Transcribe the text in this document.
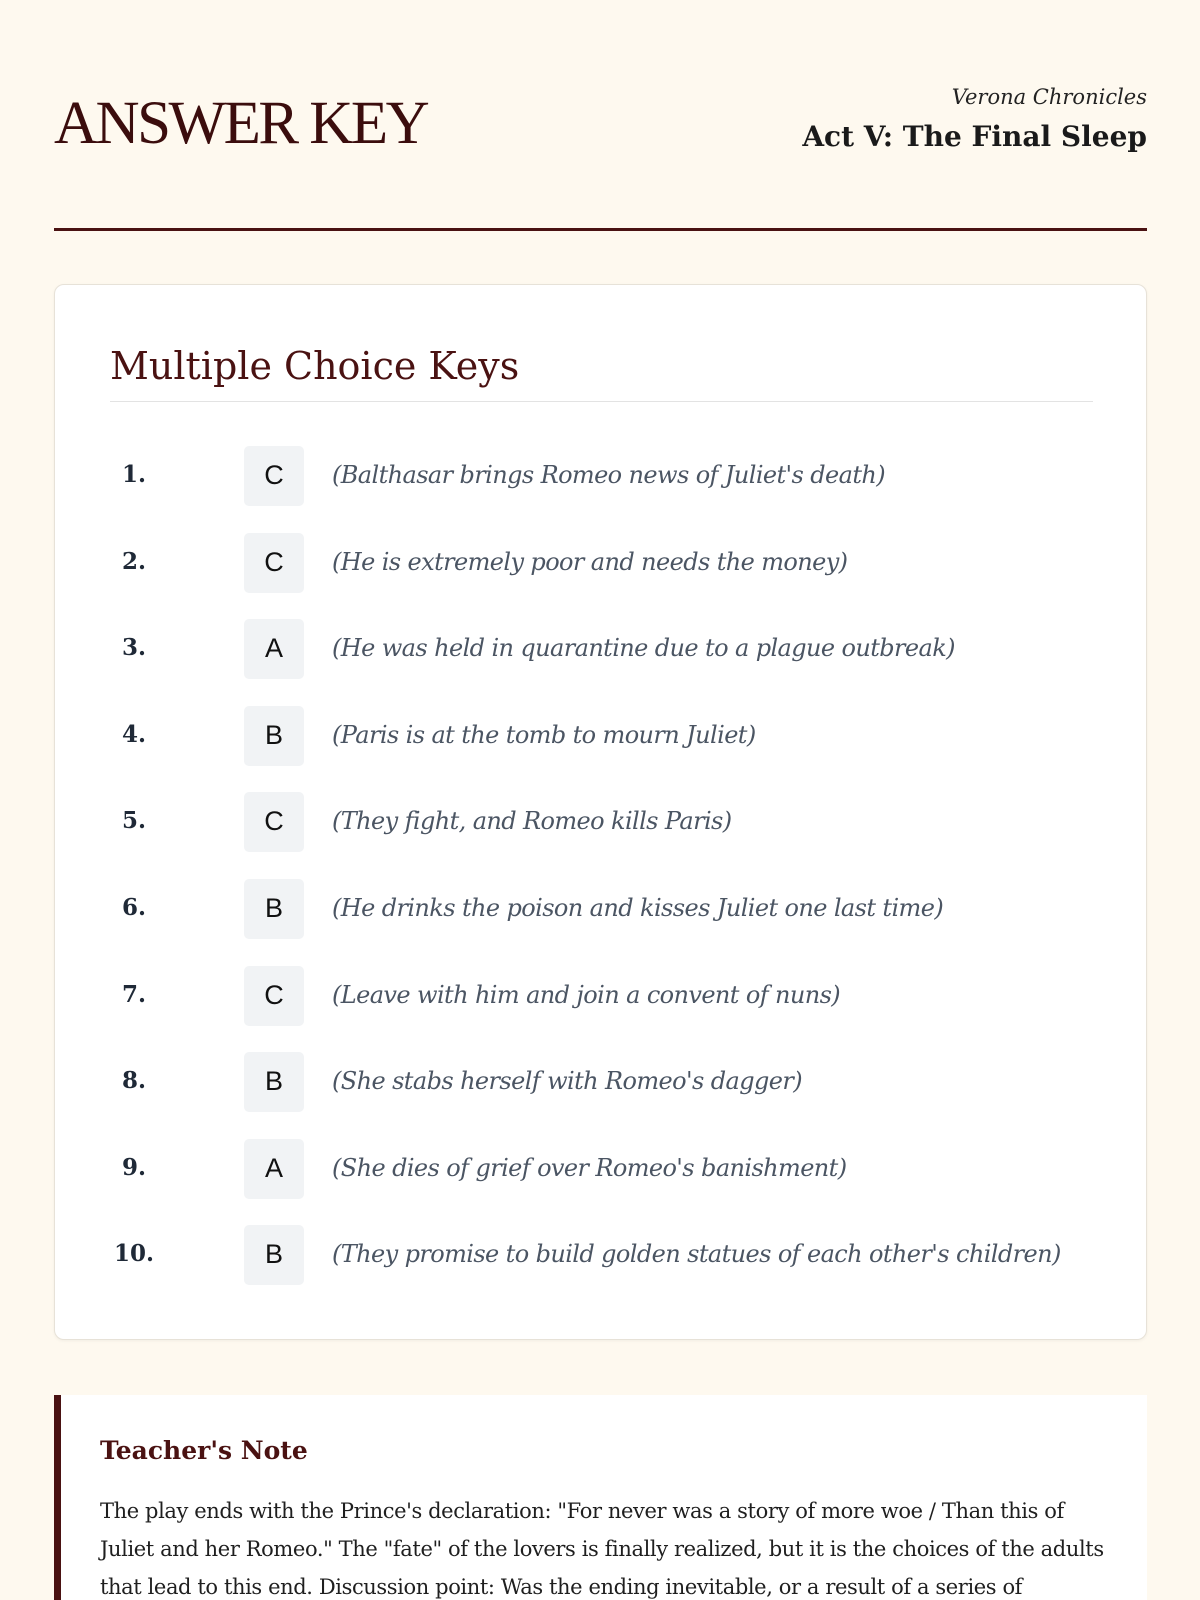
ANSWER KEY	Verona Chronicles
Act V: The Final Sleep
Multiple Choice Keys
1.	C	(Balthasar brings Romeo news of Juliet's death)
2.	C	(He is extremely poor and needs the money)
3.	A	(He was held in quarantine due to a plague outbreak)
4.	B	(Paris is at the tomb to mourn Juliet)
5.	C	(They fight, and Romeo kills Paris)
6.	B	(He drinks the poison and kisses Juliet one last time)
7.	C	(Leave with him and join a convent of nuns)
8.	B	(She stabs herself with Romeo's dagger)
9.	A	(She dies of grief over Romeo's banishment)
10.	B	(They promise to build golden statues of each other's children)
Teacher's Note

The play ends with the Prince's declaration: "For never was a story of more woe / Than this of Juliet and her Romeo." The "fate" of the lovers is finally realized, but it is the choices of the adults that lead to this end. Discussion point: Was the ending inevitable, or a result of a series of
